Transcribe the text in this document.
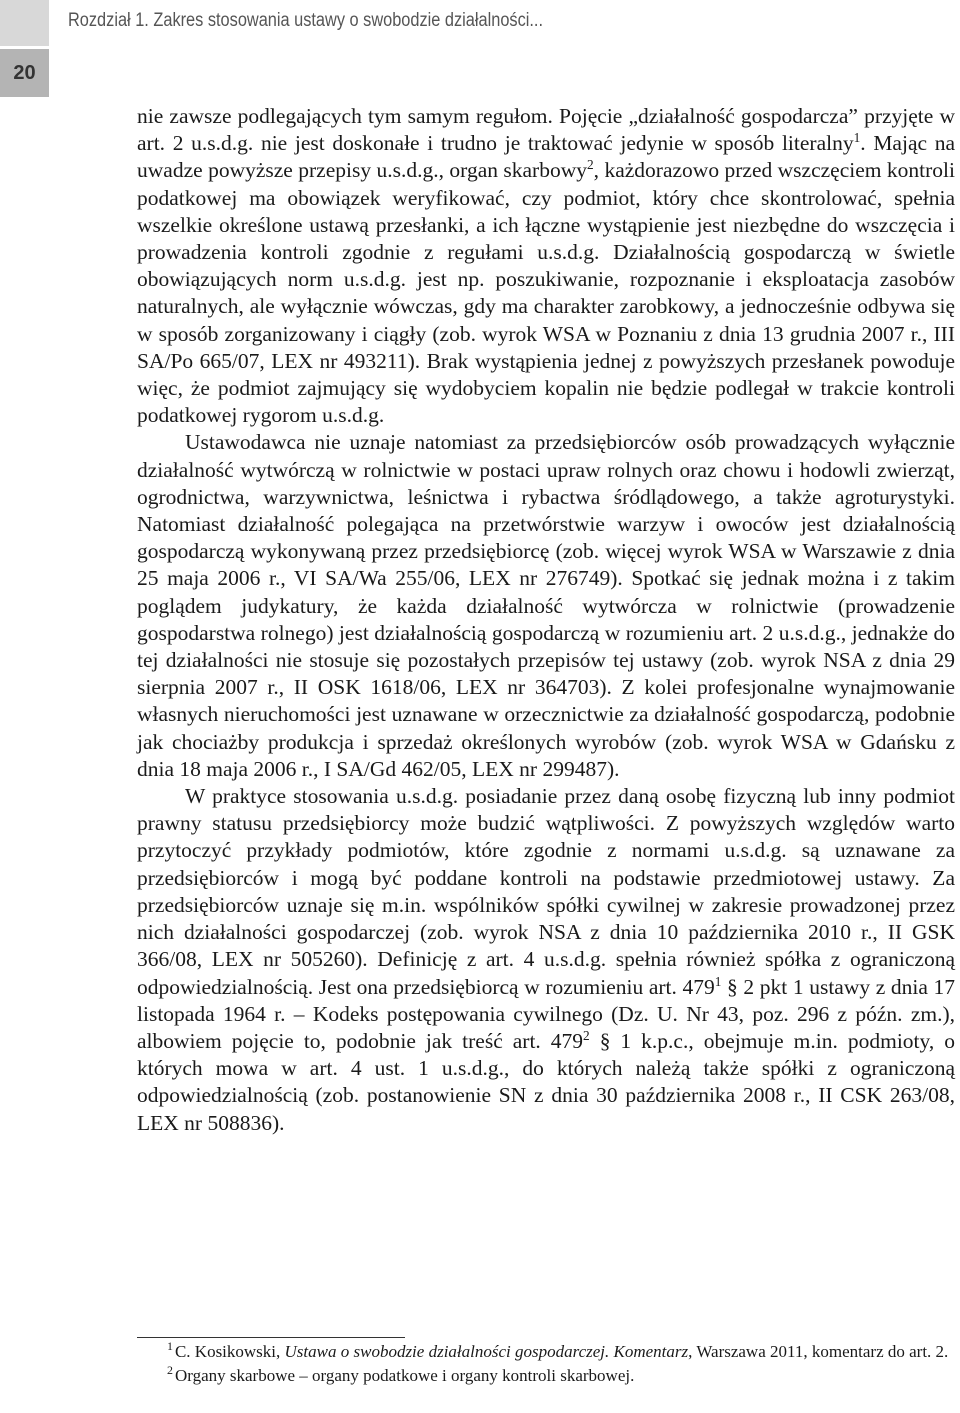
Rozdział 1. Zakres stosowania ustawy o swobodzie działalności...
20

nie zawsze podlegających tym samym regułom. Pojęcie „działalność gospodarcza” przyjęte w art. 2 u.s.d.g. nie jest doskonałe i trudno je traktować jedynie w sposób literalny$^1$. Mając na uwadze powyższe przepisy u.s.d.g., organ skarbowy$^2$, każdorazowo przed wszczęciem kontroli podatkowej ma obowiązek weryfikować, czy podmiot, który chce skontrolować, spełnia wszelkie określone ustawą przesłanki, a ich łączne wystąpienie jest niezbędne do wszczęcia i prowadzenia kontroli zgodnie z regułami u.s.d.g. Działalnością gospodarczą w świetle obowiązujących norm u.s.d.g. jest np. poszukiwanie, rozpoznanie i eksploatacja zasobów naturalnych, ale wyłącznie wówczas, gdy ma charakter zarobkowy, a jednocześnie odbywa się w sposób zorganizowany i ciągły (zob. wyrok WSA w Poznaniu z dnia 13 grudnia 2007 r., III SA/Po 665/07, LEX nr 493211). Brak wystąpienia jednej z powyższych przesłanek powoduje więc, że podmiot zajmujący się wydobyciem kopalin nie będzie podlegał w trakcie kontroli podatkowej rygorom u.s.d.g.

Ustawodawca nie uznaje natomiast za przedsiębiorców osób prowadzących wyłącznie działalność wytwórczą w rolnictwie w postaci upraw rolnych oraz chowu i hodowli zwierząt, ogrodnictwa, warzywnictwa, leśnictwa i rybactwa śródlądowego, a także agroturystyki. Natomiast działalność polegająca na przetwórstwie warzyw i owoców jest działalnością gospodarczą wykonywaną przez przedsiębiorcę (zob. więcej wyrok WSA w Warszawie z dnia 25 maja 2006 r., VI SA/Wa 255/06, LEX nr 276749). Spotkać się jednak można i z takim poglądem judykatury, że każda działalność wytwórcza w rolnictwie (prowadzenie gospodarstwa rolnego) jest działalnością gospodarczą w rozumieniu art. 2 u.s.d.g., jednakże do tej działalności nie stosuje się pozostałych przepisów tej ustawy (zob. wyrok NSA z dnia 29 sierpnia 2007 r., II OSK 1618/06, LEX nr 364703). Z kolei profesjonalne wynajmowanie własnych nieruchomości jest uznawane w orzecznictwie za działalność gospodarczą, podobnie jak chociażby produkcja i sprzedaż określonych wyrobów (zob. wyrok WSA w Gdańsku z dnia 18 maja 2006 r., I SA/Gd 462/05, LEX nr 299487).

W praktyce stosowania u.s.d.g. posiadanie przez daną osobę fizyczną lub inny podmiot prawny statusu przedsiębiorcy może budzić wątpliwości. Z powyższych względów warto przytoczyć przykłady podmiotów, które zgodnie z normami u.s.d.g. są uznawane za przedsiębiorców i mogą być poddane kontroli na podstawie przedmiotowej ustawy. Za przedsiębiorców uznaje się m.in. wspólników spółki cywilnej w zakresie prowadzonej przez nich działalności gospodarczej (zob. wyrok NSA z dnia 10 października 2010 r., II GSK 366/08, LEX nr 505260). Definicję z art. 4 u.s.d.g. spełnia również spółka z ograniczoną odpowiedzialnością. Jest ona przedsiębiorcą w rozumieniu art. $479^1$ § 2 pkt 1 ustawy z dnia 17 listopada 1964 r. – Kodeks postępowania cywilnego (Dz. U. Nr 43, poz. 296 z późn. zm.), albowiem pojęcie to, podobnie jak treść art. $479^2$ § 1 k.p.c., obejmuje m.in. podmioty, o których mowa w art. 4 ust. 1 u.s.d.g., do których należą także spółki z ograniczoną odpowiedzialnością (zob. postanowienie SN z dnia 30 października 2008 r., II CSK 263/08, LEX nr 508836).

$^1$ C. Kosikowski, Ustawa o swobodzie działalności gospodarczej. Komentarz, Warszawa 2011, komentarz do art. 2.

$^2$ Organy skarbowe – organy podatkowe i organy kontroli skarbowej.
